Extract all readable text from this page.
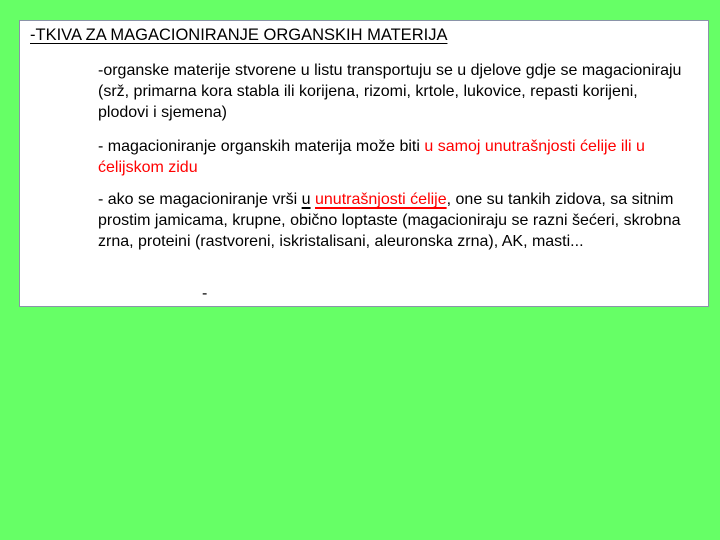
-TKIVA ZA MAGACIONIRANJE ORGANSKIH MATERIJA
-organske materije stvorene u listu transportuju se u djelove gdje se magacioniraju (srž, primarna kora stabla ili korijena, rizomi, krtole, lukovice, repasti korijeni, plodovi i sjemena)
- magacioniranje organskih materija može biti u samoj unutrašnjosti ćelije ili u ćelijskom zidu
- ako se magacioniranje vrši u unutrašnjosti ćelije, one su tankih zidova, sa sitnim prostim jamicama, krupne, obično loptaste (magacioniraju se razni šećeri, skrobna zrna, proteini (rastvoreni, iskristalisani, aleuronska zrna), AK, masti...
-
